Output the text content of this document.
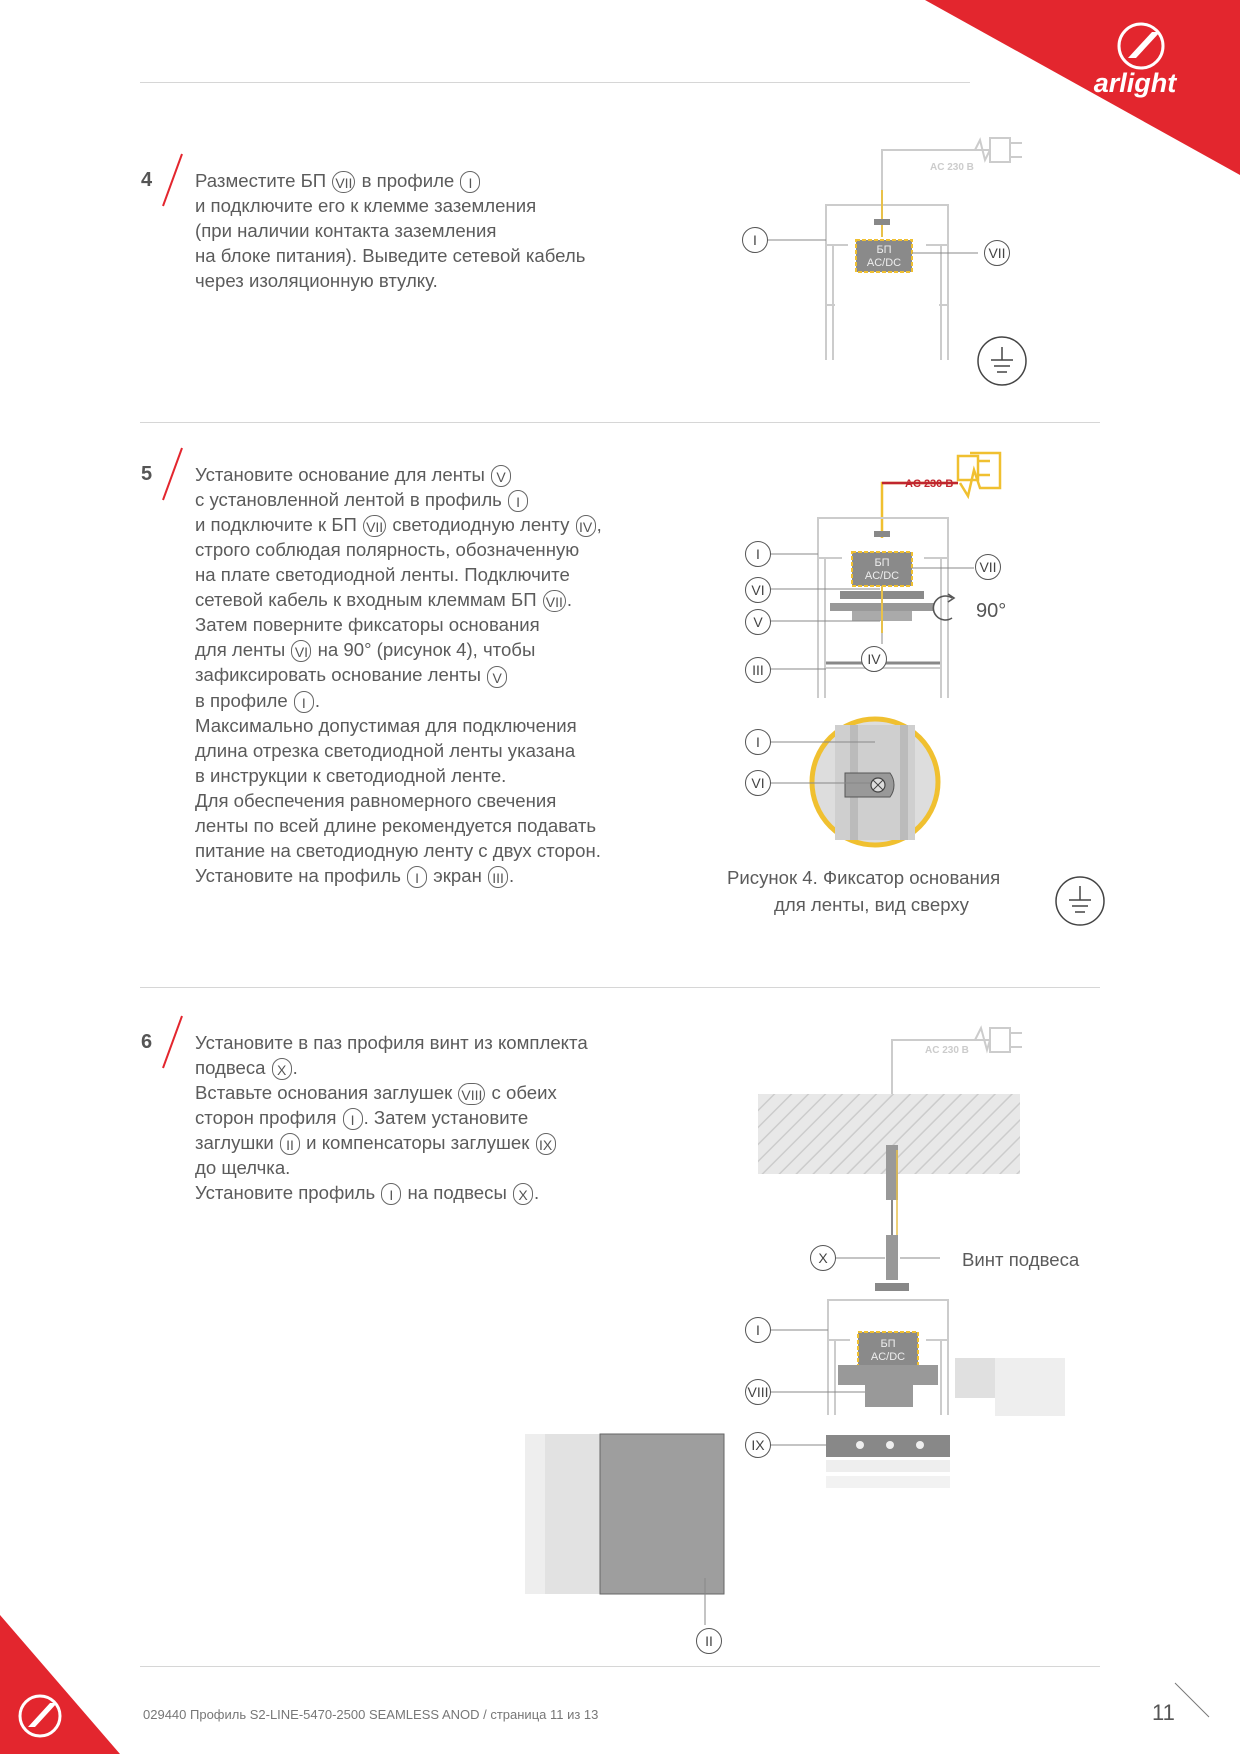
arlight
4 Разместите БП VII в профиле I
и подключите его к клемме заземления
(при наличии контакта заземления
на блоке питания). Выведите сетевой кабель
через изоляционную втулку.
AC 230 В
БП
AC/DC
I
VII
5 Установите основание для ленты V
с установленной лентой в профиль I
и подключите к БП VII светодиодную ленту IV ,
строго соблюдая полярность, обозначенную
на плате светодиодной ленты. Подключите
сетевой кабель к входным клеммам БП VII .
Затем поверните фиксаторы основания
для ленты VI на 90° (рисунок 4), чтобы
зафиксировать основание ленты V
в профиле I .
Максимально допустимая для подключения
длина отрезка светодиодной ленты указана
в инструкции к светодиодной ленте.
Для обеспечения равномерного свечения
ленты по всей длине рекомендуется подавать
питание на светодиодную ленту с двух сторон.
Установите на профиль I экран III .
AC 230 В
БП
AC/DC
90°
I
VI
V
III
VII
IV
I
VI
Рисунок 4. Фиксатор основания
для ленты, вид сверху
6 Установите в паз профиля винт из комплекта
подвеса X .
Вставьте основания заглушек VIII с обеих
сторон профиля I . Затем установите
заглушки II и компенсаторы заглушек IX
до щелчка.
Установите профиль I на подвесы X .
AC 230 В
БП
AC/DC
Винт подвеса
X
I
VIII
IX
II
029440 Профиль S2-LINE-5470-2500 SEAMLESS ANOD / страница 11 из 13	11
